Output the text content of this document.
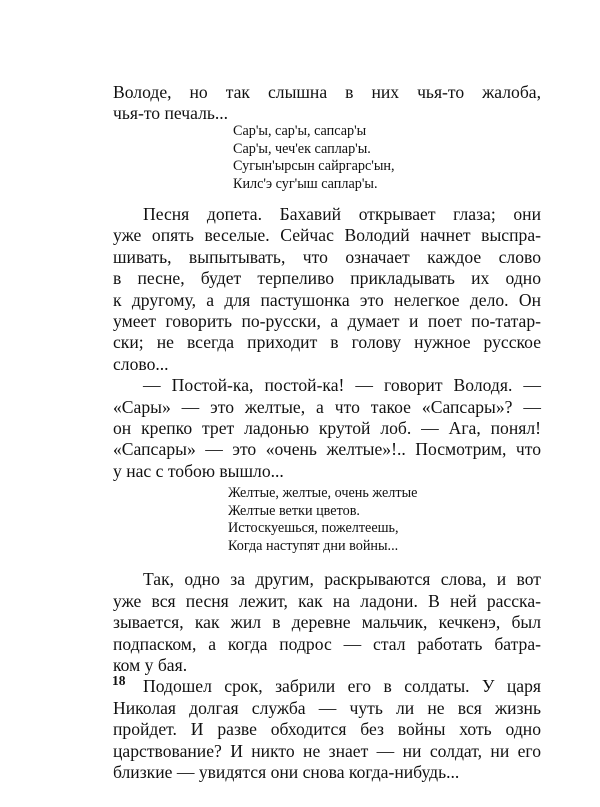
Володе, но так слышна в них чья-то жалоба,
чья-то печаль...
Сар'ы, сар'ы, сапсар'ы
Сар'ы, чеч'ек саплар'ы.
Сугын'ырсын сайргарс'ын,
Килс'э суг'ыш саплар'ы.
Песня допета. Бахавий открывает глаза; они
уже опять веселые. Сейчас Володий начнет выспра-
шивать, выпытывать, что означает каждое слово
в песне, будет терпеливо прикладывать их одно
к другому, а для пастушонка это нелегкое дело. Он
умеет говорить по-русски, а думает и поет по-татар-
ски; не всегда приходит в голову нужное русское
слово...
— Постой-ка, постой-ка! — говорит Володя. —
«Сары» — это желтые, а что такое «Сапсары»? —
он крепко трет ладонью крутой лоб. — Ага, понял!
«Сапсары» — это «очень желтые»!.. Посмотрим, что
у нас с тобою вышло...
Желтые, желтые, очень желтые
Желтые ветки цветов.
Истоскуешься, пожелтеешь,
Когда наступят дни войны...
Так, одно за другим, раскрываются слова, и вот
уже вся песня лежит, как на ладони. В ней расска-
зывается, как жил в деревне мальчик, кечкенэ, был
подпаском, а когда подрос — стал работать батра-
ком у бая.
Подошел срок, забрили его в солдаты. У царя
Николая долгая служба — чуть ли не вся жизнь
пройдет. И разве обходится без войны хоть одно
царствование? И никто не знает — ни солдат, ни его
близкие — увидятся они снова когда-нибудь...
18
